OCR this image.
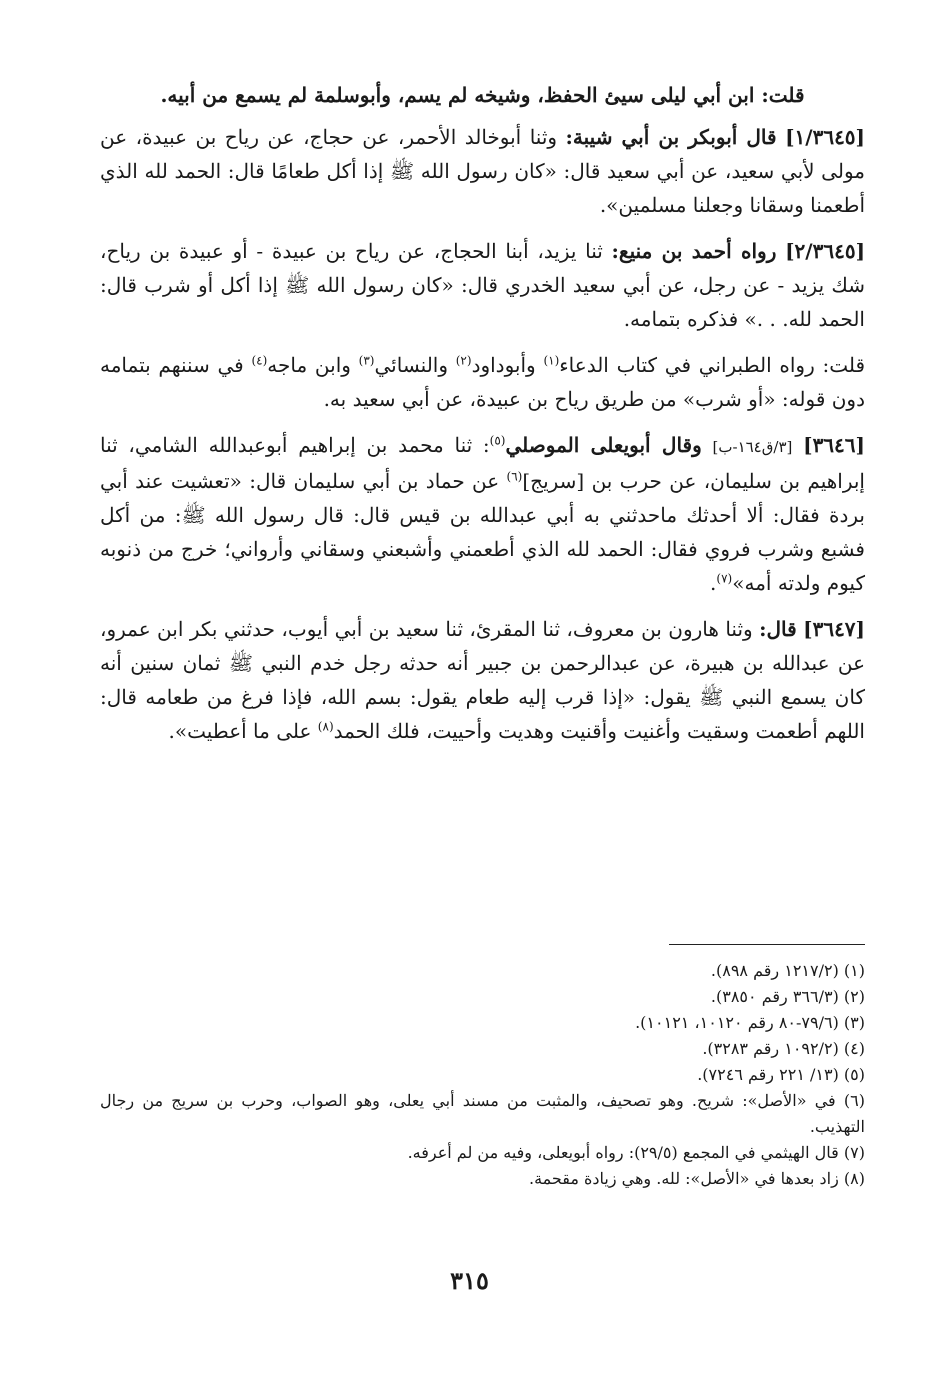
قلت: ابن أبي ليلى سيئ الحفظ، وشيخه لم يسم، وأبوسلمة لم يسمع من أبيه.

[١/٣٦٤٥] قال أبوبكر بن أبي شيبة: وثنا أبوخالد الأحمر، عن حجاج، عن رياح بن عبيدة، عن مولى لأبي سعيد، عن أبي سعيد قال: «كان رسول الله ﷺ إذا أكل طعامًا قال: الحمد لله الذي أطعمنا وسقانا وجعلنا مسلمين».

[٢/٣٦٤٥] رواه أحمد بن منيع: ثنا يزيد، أبنا الحجاج، عن رياح بن عبيدة - أو عبيدة بن رياح، شك يزيد - عن رجل، عن أبي سعيد الخدري قال: «كان رسول الله ﷺ إذا أكل أو شرب قال: الحمد لله. . .» فذكره بتمامه.

قلت: رواه الطبراني في كتاب الدعاء$^{(١)}$ وأبوداود$^{(٢)}$ والنسائي$^{(٣)}$ وابن ماجه$^{(٤)}$ في سننهم بتمامه دون قوله: «أو شرب» من طريق رياح بن عبيدة، عن أبي سعيد به.

[٣٦٤٦] [٣/ق١٦٤-ب] وقال أبويعلى الموصلي$^{(٥)}$: ثنا محمد بن إبراهيم أبوعبدالله الشامي، ثنا إبراهيم بن سليمان، عن حرب بن [سريج]$^{(٦)}$ عن حماد بن أبي سليمان قال: «تعشيت عند أبي بردة فقال: ألا أحدثك ماحدثني به أبي عبدالله بن قيس قال: قال رسول الله ﷺ: من أكل فشبع وشرب فروي فقال: الحمد لله الذي أطعمني وأشبعني وسقاني وأرواني؛ خرج من ذنوبه كيوم ولدته أمه»$^{(٧)}$.

[٣٦٤٧] قال: وثنا هارون بن معروف، ثنا المقرئ، ثنا سعيد بن أبي أيوب، حدثني بكر ابن عمرو، عن عبدالله بن هبيرة، عن عبدالرحمن بن جبير أنه حدثه رجل خدم النبي ﷺ ثمان سنين أنه كان يسمع النبي ﷺ يقول: «إذا قرب إليه طعام يقول: بسم الله، فإذا فرغ من طعامه قال: اللهم أطعمت وسقيت وأغنيت وأقنيت وهديت وأحييت، فلك الحمد$^{(٨)}$ على ما أعطيت».

(١) (١٢١٧/٢ رقم ٨٩٨).

(٢) (٣٦٦/٣ رقم ٣٨٥٠).

(٣) (٧٩/٦-٨٠ رقم ١٠١٢٠، ١٠١٢١).

(٤) (١٠٩٢/٢ رقم ٣٢٨٣).

(٥) (١٣/ ٢٢١ رقم ٧٢٤٦).

(٦) في «الأصل»: شريح. وهو تصحيف، والمثبت من مسند أبي يعلى، وهو الصواب، وحرب بن سريج من رجال التهذيب.

(٧) قال الهيثمي في المجمع (٢٩/٥): رواه أبويعلى، وفيه من لم أعرفه.

(٨) زاد بعدها في «الأصل»: لله. وهي زيادة مقحمة.

٣١٥
